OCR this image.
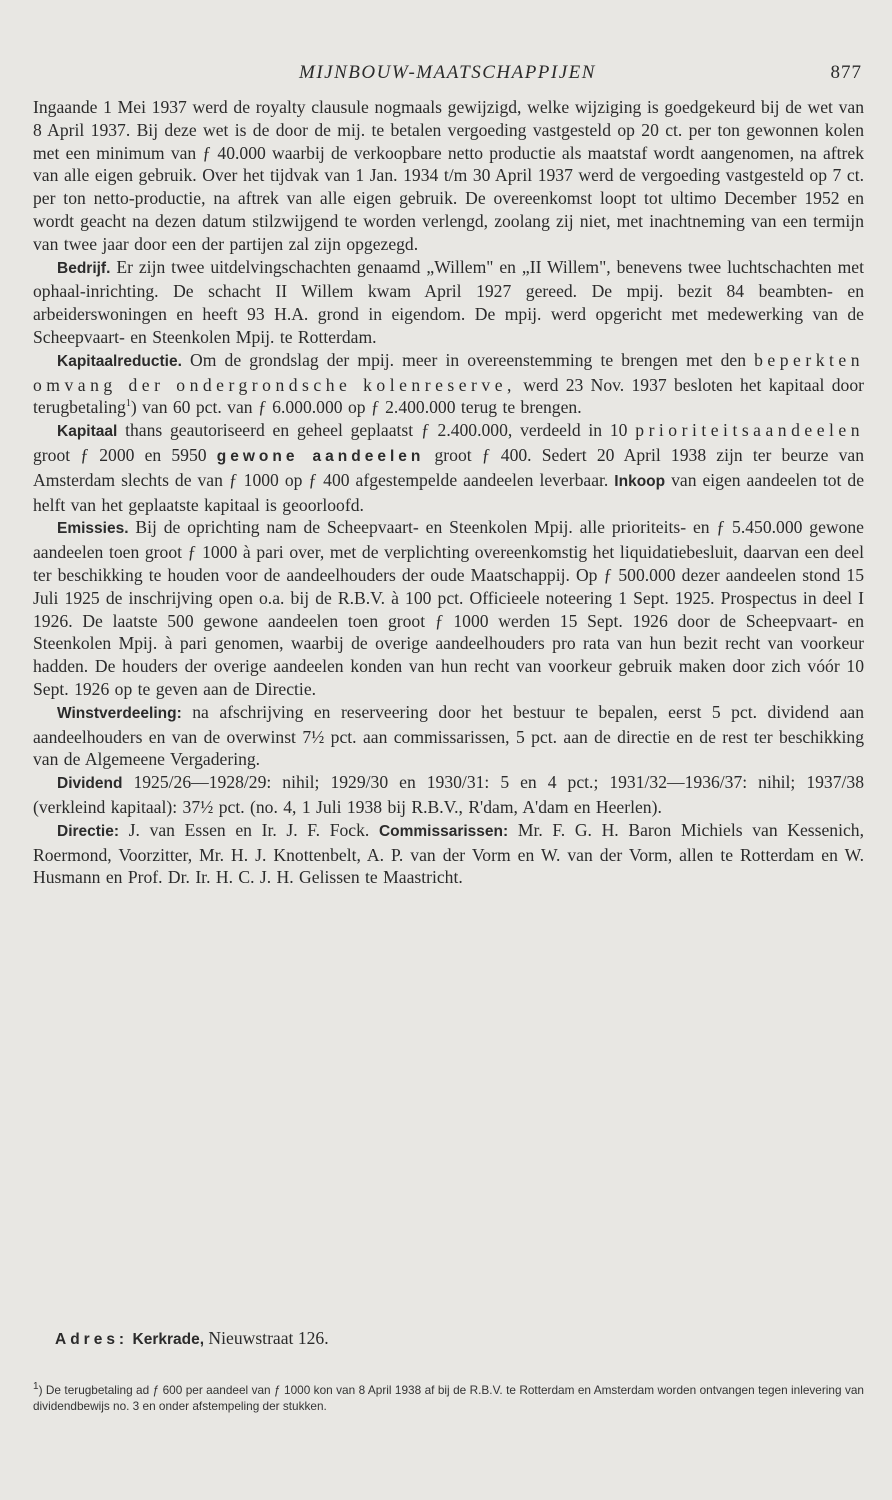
MIJNBOUW-MAATSCHAPPIJEN	877

Ingaande 1 Mei 1937 werd de royalty clausule nogmaals gewijzigd, welke wijziging is goedgekeurd bij de wet van 8 April 1937. Bij deze wet is de door de mij. te betalen vergoeding vastgesteld op 20 ct. per ton gewonnen kolen met een minimum van ƒ 40.000 waarbij de verkoopbare netto productie als maatstaf wordt aangenomen, na aftrek van alle eigen gebruik. Over het tijdvak van 1 Jan. 1934 t/m 30 April 1937 werd de vergoeding vastgesteld op 7 ct. per ton netto-productie, na aftrek van alle eigen gebruik. De overeenkomst loopt tot ultimo December 1952 en wordt geacht na dezen datum stilzwijgend te worden verlengd, zoolang zij niet, met inachtneming van een termijn van twee jaar door een der partijen zal zijn opgezegd.

Bedrijf. Er zijn twee uitdelvingschachten genaamd „Willem" en „II Willem", benevens twee luchtschachten met ophaal-inrichting. De schacht II Willem kwam April 1927 gereed. De mpij. bezit 84 beambten- en arbeiderswoningen en heeft 93 H.A. grond in eigendom. De mpij. werd opgericht met medewerking van de Scheepvaart- en Steenkolen Mpij. te Rotterdam.

Kapitaalreductie. Om de grondslag der mpij. meer in overeenstemming te brengen met den beperkten omvang der ondergrondsche kolenreserve, werd 23 Nov. 1937 besloten het kapitaal door terugbetaling$^1$) van 60 pct. van ƒ 6.000.000 op ƒ 2.400.000 terug te brengen.

Kapitaal thans geautoriseerd en geheel geplaatst ƒ 2.400.000, verdeeld in 10 prioriteitsaandeelen groot ƒ 2000 en 5950 gewone aandeelen groot ƒ 400. Sedert 20 April 1938 zijn ter beurze van Amsterdam slechts de van ƒ 1000 op ƒ 400 afgestempelde aandeelen leverbaar. Inkoop van eigen aandeelen tot de helft van het geplaatste kapitaal is geoorloofd.

Emissies. Bij de oprichting nam de Scheepvaart- en Steenkolen Mpij. alle prioriteits- en ƒ 5.450.000 gewone aandeelen toen groot ƒ 1000 à pari over, met de verplichting overeenkomstig het liquidatiebesluit, daarvan een deel ter beschikking te houden voor de aandeelhouders der oude Maatschappij. Op ƒ 500.000 dezer aandeelen stond 15 Juli 1925 de inschrijving open o.a. bij de R.B.V. à 100 pct. Officieele noteering 1 Sept. 1925. Prospectus in deel I 1926. De laatste 500 gewone aandeelen toen groot ƒ 1000 werden 15 Sept. 1926 door de Scheepvaart- en Steenkolen Mpij. à pari genomen, waarbij de overige aandeelhouders pro rata van hun bezit recht van voorkeur hadden. De houders der overige aandeelen konden van hun recht van voorkeur gebruik maken door zich vóór 10 Sept. 1926 op te geven aan de Directie.

Winstverdeeling: na afschrijving en reserveering door het bestuur te bepalen, eerst 5 pct. dividend aan aandeelhouders en van de overwinst 7½ pct. aan commissarissen, 5 pct. aan de directie en de rest ter beschikking van de Algemeene Vergadering.

Dividend 1925/26—1928/29: nihil; 1929/30 en 1930/31: 5 en 4 pct.; 1931/32—1936/37: nihil; 1937/38 (verkleind kapitaal): 37½ pct. (no. 4, 1 Juli 1938 bij R.B.V., R'dam, A'dam en Heerlen).

Directie: J. van Essen en Ir. J. F. Fock. Commissarissen: Mr. F. G. H. Baron Michiels van Kessenich, Roermond, Voorzitter, Mr. H. J. Knottenbelt, A. P. van der Vorm en W. van der Vorm, allen te Rotterdam en W. Husmann en Prof. Dr. Ir. H. C. J. H. Gelissen te Maastricht.

Adres: Kerkrade, Nieuwstraat 126.
$^1$) De terugbetaling ad ƒ 600 per aandeel van ƒ 1000 kon van 8 April 1938 af bij de R.B.V. te Rotterdam en Amsterdam worden ontvangen tegen inlevering van dividendbewijs no. 3 en onder afstempeling der stukken.
